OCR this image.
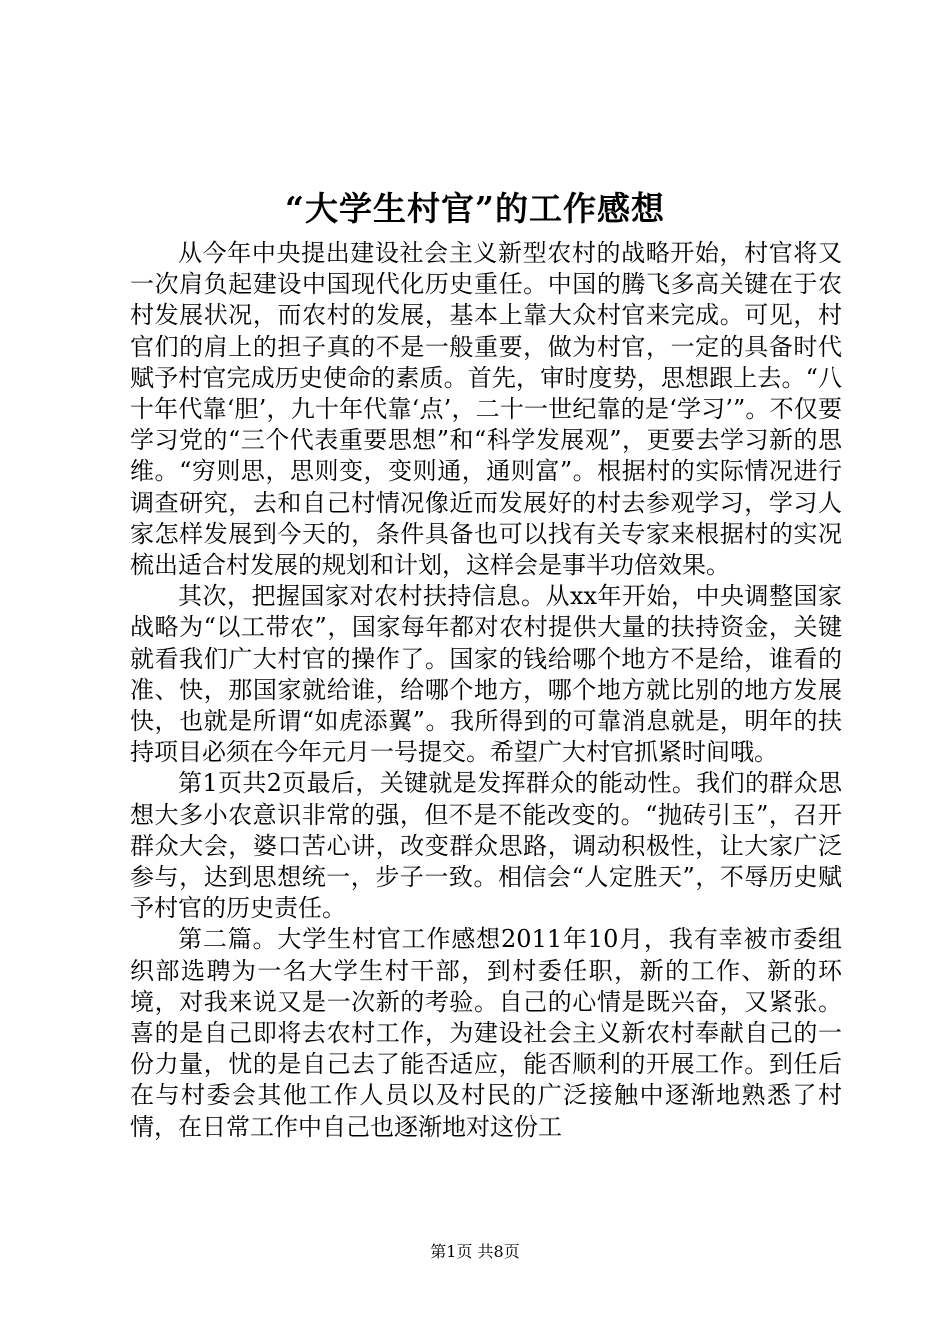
“大学生村官”的工作感想

从今年中央提出建设社会主义新型农村的战略开始，村官将又一次肩负起建设中国现代化历史重任。中国的腾飞多高关键在于农村发展状况，而农村的发展，基本上靠大众村官来完成。可见，村官们的肩上的担子真的不是一般重要，做为村官，一定的具备时代赋予村官完成历史使命的素质。首先，审时度势，思想跟上去。“八十年代靠‘胆’，九十年代靠‘点’，二十一世纪靠的是‘学习’”。不仅要学习党的“三个代表重要思想”和“科学发展观”，更要去学习新的思维。“穷则思，思则变，变则通，通则富”。根据村的实际情况进行调查研究，去和自己村情况像近而发展好的村去参观学习，学习人家怎样发展到今天的，条件具备也可以找有关专家来根据村的实况梳出适合村发展的规划和计划，这样会是事半功倍效果。

其次，把握国家对农村扶持信息。从xx年开始，中央调整国家战略为“以工带农”，国家每年都对农村提供大量的扶持资金，关键就看我们广大村官的操作了。国家的钱给哪个地方不是给，谁看的准、快，那国家就给谁，给哪个地方，哪个地方就比别的地方发展快，也就是所谓“如虎添翼”。我所得到的可靠消息就是，明年的扶持项目必须在今年元月一号提交。希望广大村官抓紧时间哦。

第1页共2页最后，关键就是发挥群众的能动性。我们的群众思想大多小农意识非常的强，但不是不能改变的。“抛砖引玉”，召开群众大会，婆口苦心讲，改变群众思路，调动积极性，让大家广泛参与，达到思想统一，步子一致。相信会“人定胜天”，不辱历史赋予村官的历史责任。

第二篇。大学生村官工作感想2011年10月，我有幸被市委组织部选聘为一名大学生村干部，到村委任职，新的工作、新的环境，对我来说又是一次新的考验。自己的心情是既兴奋，又紧张。喜的是自己即将去农村工作，为建设社会主义新农村奉献自己的一份力量，忧的是自己去了能否适应，能否顺利的开展工作。到任后在与村委会其他工作人员以及村民的广泛接触中逐渐地熟悉了村情，在日常工作中自己也逐渐地对这份工

第1页 共8页
